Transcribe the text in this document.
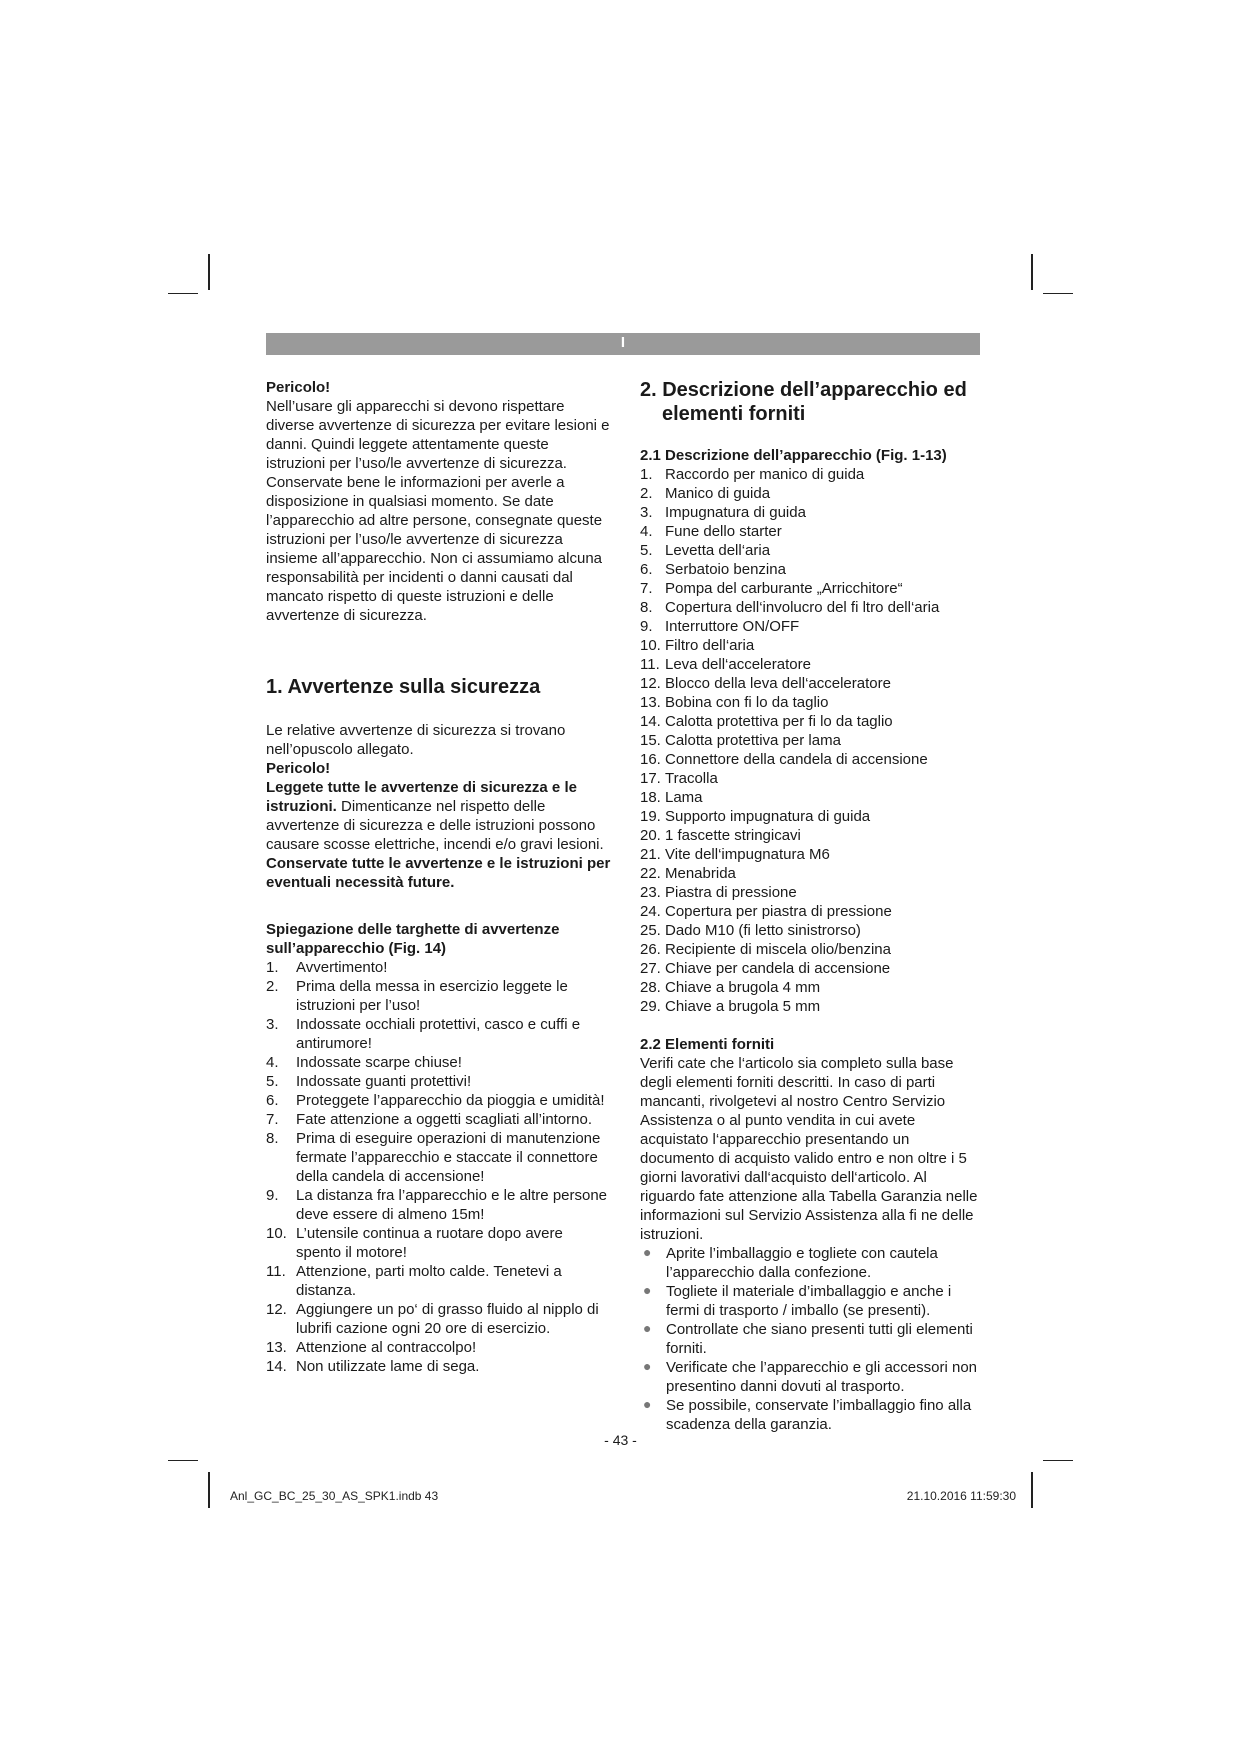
I

Pericolo!

Nell’usare gli apparecchi si devono rispettare diverse avvertenze di sicurezza per evitare lesioni e danni. Quindi leggete attentamente queste istruzioni per l’uso/le avvertenze di sicurezza. Conservate bene le informazioni per averle a disposizione in qualsiasi momento. Se date l’apparecchio ad altre persone, consegnate queste istruzioni per l’uso/le avvertenze di sicurezza insieme all’apparecchio. Non ci assumiamo alcuna responsabilità per incidenti o danni causati dal mancato rispetto di queste istruzioni e delle avvertenze di sicurezza.

1. Avvertenze sulla sicurezza

Le relative avvertenze di sicurezza si trovano nell’opuscolo allegato.

Pericolo!

Leggete tutte le avvertenze di sicurezza e le istruzioni. Dimenticanze nel rispetto delle avvertenze di sicurezza e delle istruzioni possono causare scosse elettriche, incendi e/o gravi lesioni.

Conservate tutte le avvertenze e le istruzioni per eventuali necessità future.

Spiegazione delle targhette di avvertenze sull’apparecchio (Fig. 14)

1. Avvertimento!
2. Prima della messa in esercizio leggete le istruzioni per l’uso!
3. Indossate occhiali protettivi, casco e cuffi e antirumore!
4. Indossate scarpe chiuse!
5. Indossate guanti protettivi!
6. Proteggete l’apparecchio da pioggia e umidità!
7. Fate attenzione a oggetti scagliati all’intorno.
8. Prima di eseguire operazioni di manutenzione fermate l’apparecchio e staccate il connettore della candela di accensione!
9. La distanza fra l’apparecchio e le altre persone deve essere di almeno 15m!
10. L’utensile continua a ruotare dopo avere spento il motore!
11. Attenzione, parti molto calde. Tenetevi a distanza.
12. Aggiungere un po‘ di grasso fluido al nipplo di lubrifi cazione ogni 20 ore di esercizio.
13. Attenzione al contraccolpo!
14. Non utilizzate lame di sega.

2. Descrizione dell’apparecchio ed elementi forniti

2.1 Descrizione dell’apparecchio (Fig. 1-13)

1. Raccordo per manico di guida
2. Manico di guida
3. Impugnatura di guida
4. Fune dello starter
5. Levetta dell‘aria
6. Serbatoio benzina
7. Pompa del carburante „Arricchitore“
8. Copertura dell‘involucro del fi ltro dell‘aria
9. Interruttore ON/OFF
10. Filtro dell‘aria
11. Leva dell‘acceleratore
12. Blocco della leva dell‘acceleratore
13. Bobina con fi lo da taglio
14. Calotta protettiva per fi lo da taglio
15. Calotta protettiva per lama
16. Connettore della candela di accensione
17. Tracolla
18. Lama
19. Supporto impugnatura di guida
20. 1 fascette stringicavi
21. Vite dell‘impugnatura M6
22. Menabrida
23. Piastra di pressione
24. Copertura per piastra di pressione
25. Dado M10 (fi letto sinistrorso)
26. Recipiente di miscela olio/benzina
27. Chiave per candela di accensione
28. Chiave a brugola 4 mm
29. Chiave a brugola 5 mm

2.2 Elementi forniti

Verifi cate che l‘articolo sia completo sulla base degli elementi forniti descritti. In caso di parti mancanti, rivolgetevi al nostro Centro Servizio Assistenza o al punto vendita in cui avete acquistato l‘apparecchio presentando un documento di acquisto valido entro e non oltre i 5 giorni lavorativi dall‘acquisto dell‘articolo. Al riguardo fate attenzione alla Tabella Garanzia nelle informazioni sul Servizio Assistenza alla fi ne delle istruzioni.

● Aprite l’imballaggio e togliete con cautela l’apparecchio dalla confezione.
● Togliete il materiale d’imballaggio e anche i fermi di trasporto / imballo (se presenti).
● Controllate che siano presenti tutti gli elementi forniti.
● Verificate che l’apparecchio e gli accessori non presentino danni dovuti al trasporto.
● Se possibile, conservate l’imballaggio fino alla scadenza della garanzia.
- 43 -
Anl_GC_BC_25_30_AS_SPK1.indb 43	21.10.2016 11:59:30
